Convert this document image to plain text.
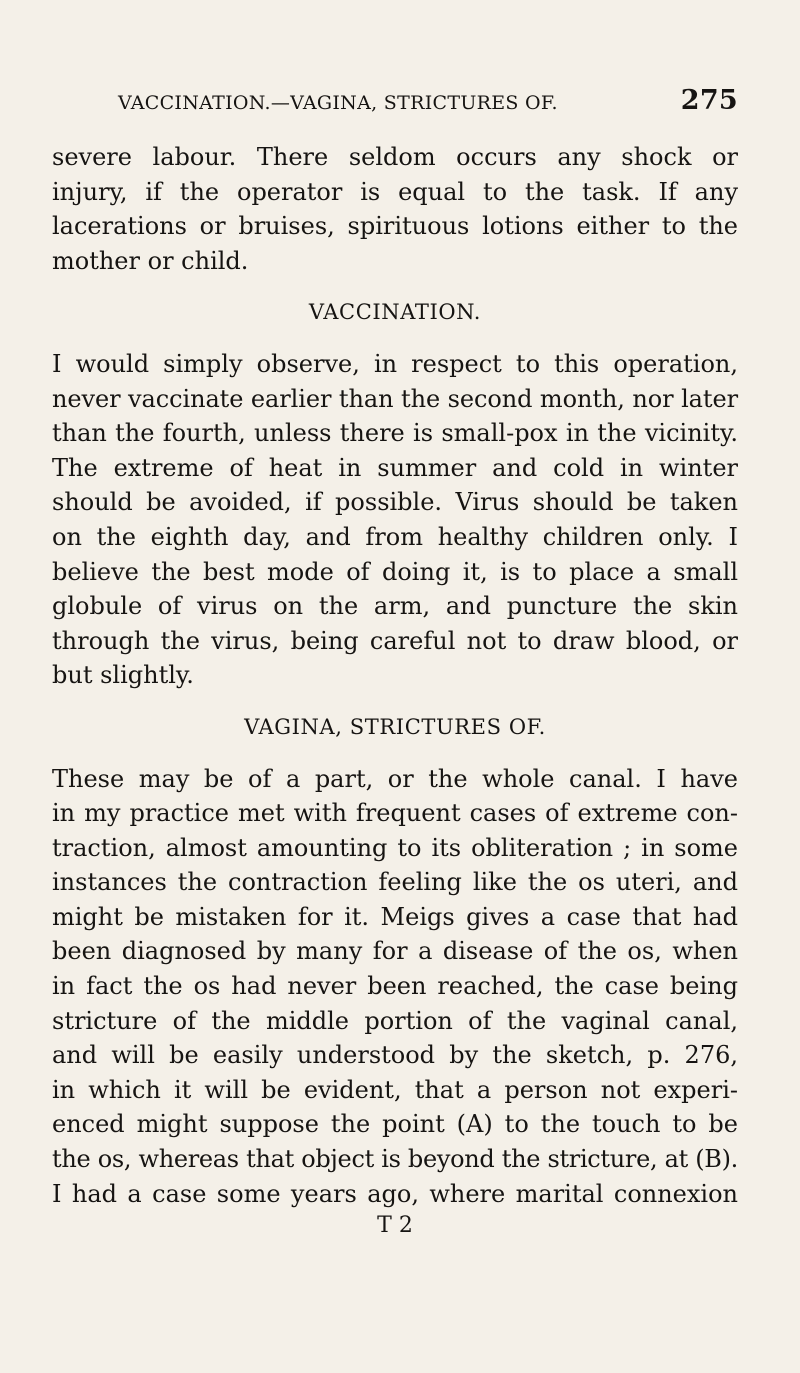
VACCINATION.—VAGINA, STRICTURES OF.	275
severe labour. There seldom occurs any shock or
injury, if the operator is equal to the task. If any
lacerations or bruises, spirituous lotions either to the
mother or child.
VACCINATION.
I would simply observe, in respect to this operation,
never vaccinate earlier than the second month, nor later
than the fourth, unless there is small-pox in the vicinity.
The extreme of heat in summer and cold in winter
should be avoided, if possible. Virus should be taken
on the eighth day, and from healthy children only. I
believe the best mode of doing it, is to place a small
globule of virus on the arm, and puncture the skin
through the virus, being careful not to draw blood, or
but slightly.
VAGINA, STRICTURES OF.
These may be of a part, or the whole canal. I have
in my practice met with frequent cases of extreme con-
traction, almost amounting to its obliteration ; in some
instances the contraction feeling like the os uteri, and
might be mistaken for it. Meigs gives a case that had
been diagnosed by many for a disease of the os, when
in fact the os had never been reached, the case being
stricture of the middle portion of the vaginal canal,
and will be easily understood by the sketch, p. 276,
in which it will be evident, that a person not experi-
enced might suppose the point (A) to the touch to be
the os, whereas that object is beyond the stricture, at (B).
I had a case some years ago, where marital connexion
T 2
